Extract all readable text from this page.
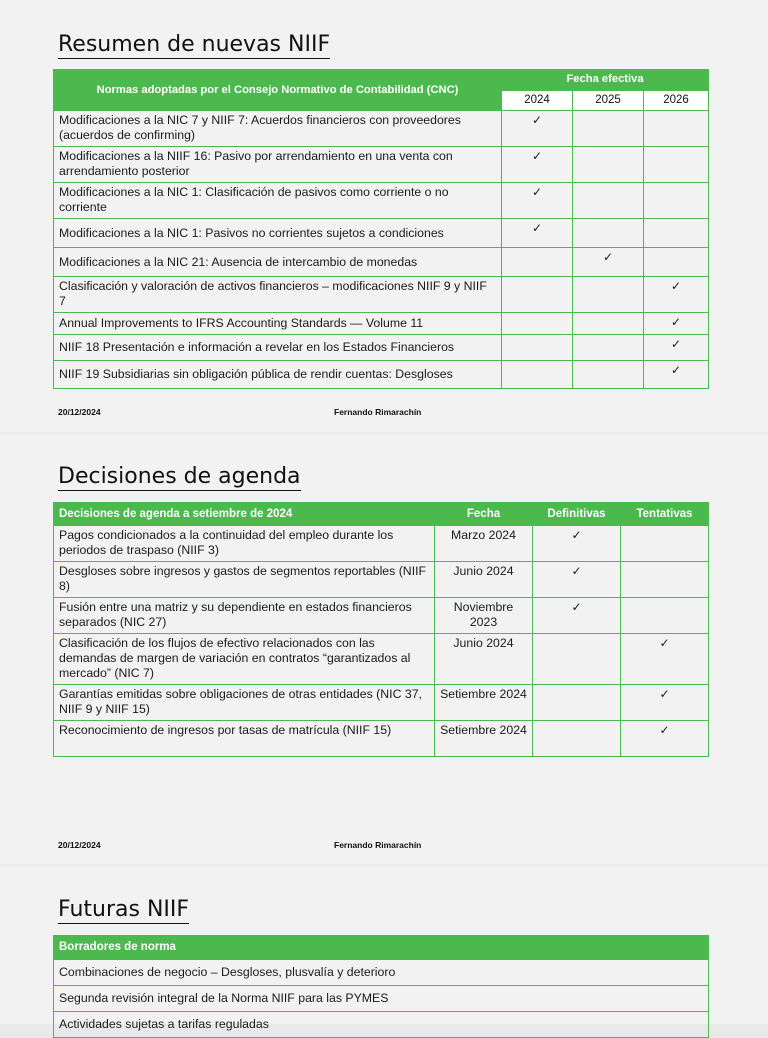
Resumen de nuevas NIIF
Normas adoptadas por el Consejo Normativo de Contabilidad (CNC)	Fecha efectiva		
	2024	2025	2026
Modificaciones a la NIC 7 y NIIF 7: Acuerdos financieros con proveedores (acuerdos de confirming)	✓		
Modificaciones a la NIIF 16: Pasivo por arrendamiento en una venta con arrendamiento posterior	✓		
Modificaciones a la NIC 1: Clasificación de pasivos como corriente o no corriente	✓		
Modificaciones a la NIC 1: Pasivos no corrientes sujetos a condiciones	✓		
Modificaciones a la NIC 21: Ausencia de intercambio de monedas		✓	
Clasificación y valoración de activos financieros – modificaciones NIIF 9 y NIIF 7			✓
Annual Improvements to IFRS Accounting Standards — Volume 11			✓
NIIF 18 Presentación e información a revelar en los Estados Financieros			✓
NIIF 19 Subsidiarias sin obligación pública de rendir cuentas: Desgloses			✓
20/12/2024	Fernando Rimarachín
Decisiones de agenda
20/12/2024	Fernando Rimarachín
Decisiones de agenda a setiembre de 2024	Fecha	Definitivas	Tentativas
Pagos condicionados a la continuidad del empleo durante los periodos de traspaso (NIIF 3)	Marzo 2024	✓	
Desgloses sobre ingresos y gastos de segmentos reportables (NIIF 8)	Junio 2024	✓	
Fusión entre una matriz y su dependiente en estados financieros separados (NIC 27)	Noviembre 2023	✓	
Clasificación de los flujos de efectivo relacionados con las demandas de margen de variación en contratos “garantizados al mercado” (NIC 7)	Junio 2024		✓
Garantías emitidas sobre obligaciones de otras entidades (NIC 37, NIIF 9 y NIIF 15)	Setiembre 2024		✓
Reconocimiento de ingresos por tasas de matrícula (NIIF 15)	Setiembre 2024		✓
Futuras NIIF
Borradores de norma
Combinaciones de negocio – Desgloses, plusvalía y deterioro
Segunda revisión integral de la Norma NIIF para las PYMES
Actividades sujetas a tarifas reguladas
